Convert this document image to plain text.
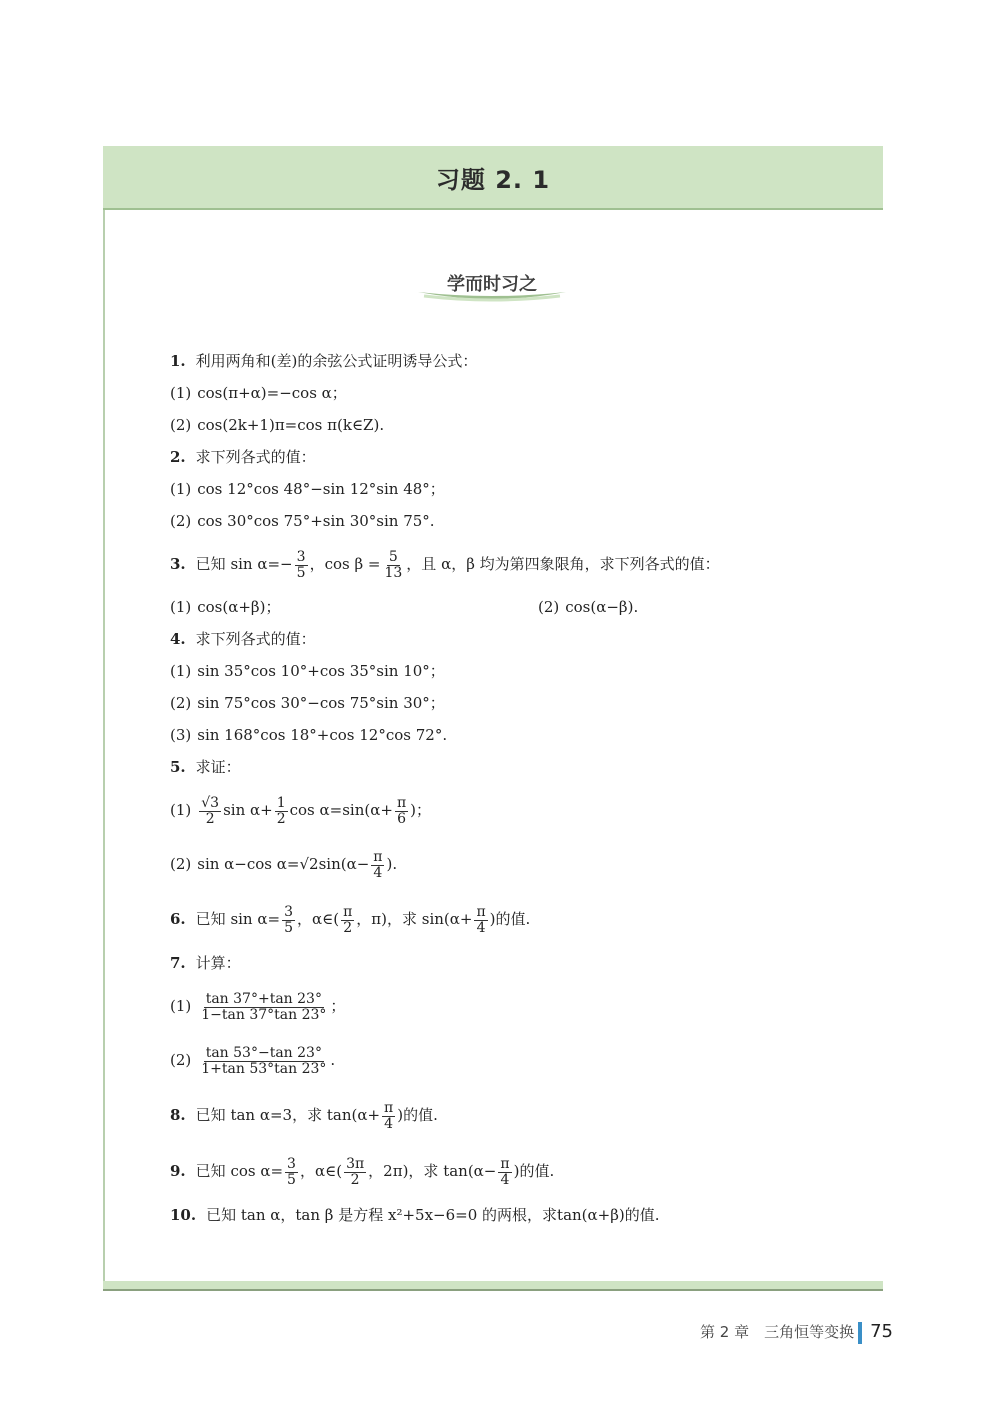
习题 2. 1
学而时习之
1. 利用两角和(差)的余弦公式证明诱导公式：
(1) cos(π+α)=−cos α；
(2) cos(2k+1)π=cos π(k∈Z).
2. 求下列各式的值：
(1) cos 12°cos 48°−sin 12°sin 48°；
(2) cos 30°cos 75°+sin 30°sin 75°.
3. 已知 $\sin \alpha=- \frac{3}{5}$ ，$\cos \beta = \frac{5}{13}$ ，且 α，β 均为第四象限角，求下列各式的值：
(1) cos(α+β)；	(2) cos(α−β).
4. 求下列各式的值：
(1) sin 35°cos 10°+cos 35°sin 10°；
(2) sin 75°cos 30°−cos 75°sin 30°；
(3) sin 168°cos 18°+cos 12°cos 72°.
5. 求证：
$(1) \frac{√3}{2}$ $\sin \alpha+ \frac{1}{2}$ $\cos \alpha=\sin(\alpha+ \frac{\pi}{6}$ )；
(2) sin α−cos $\alpha=√2\sin(\alpha- \frac{\pi}{4}$ ).
6. 已知 $\sin \alpha= \frac{3}{5}$ ，α∈( $\frac{\pi}{2}$ ，π)，求 $\sin(\alpha+ \frac{\pi}{4}$ )的值.
7. 计算：
$(1) \frac{\tan 37^\circ+\tan 23^\circ}{1-\tan 37^\circ\tan 23^\circ}$ ；
$(2) \frac{\tan 53^\circ-\tan 23^\circ}{1+\tan 53^\circ\tan 23^\circ}$ .
8. 已知 tan α=3，求 $\tan(\alpha+ \frac{\pi}{4}$ )的值.
9. 已知 $\cos \alpha= \frac{3}{5}$ ，α∈( $\frac{3\pi}{2}$ ，2π)，求 $\tan(\alpha- \frac{\pi}{4}$ )的值.
10. 已知 tan α，tan β 是方程 x²+5x−6=0 的两根，求tan(α+β)的值.
第 2 章　三角恒等变换 75
